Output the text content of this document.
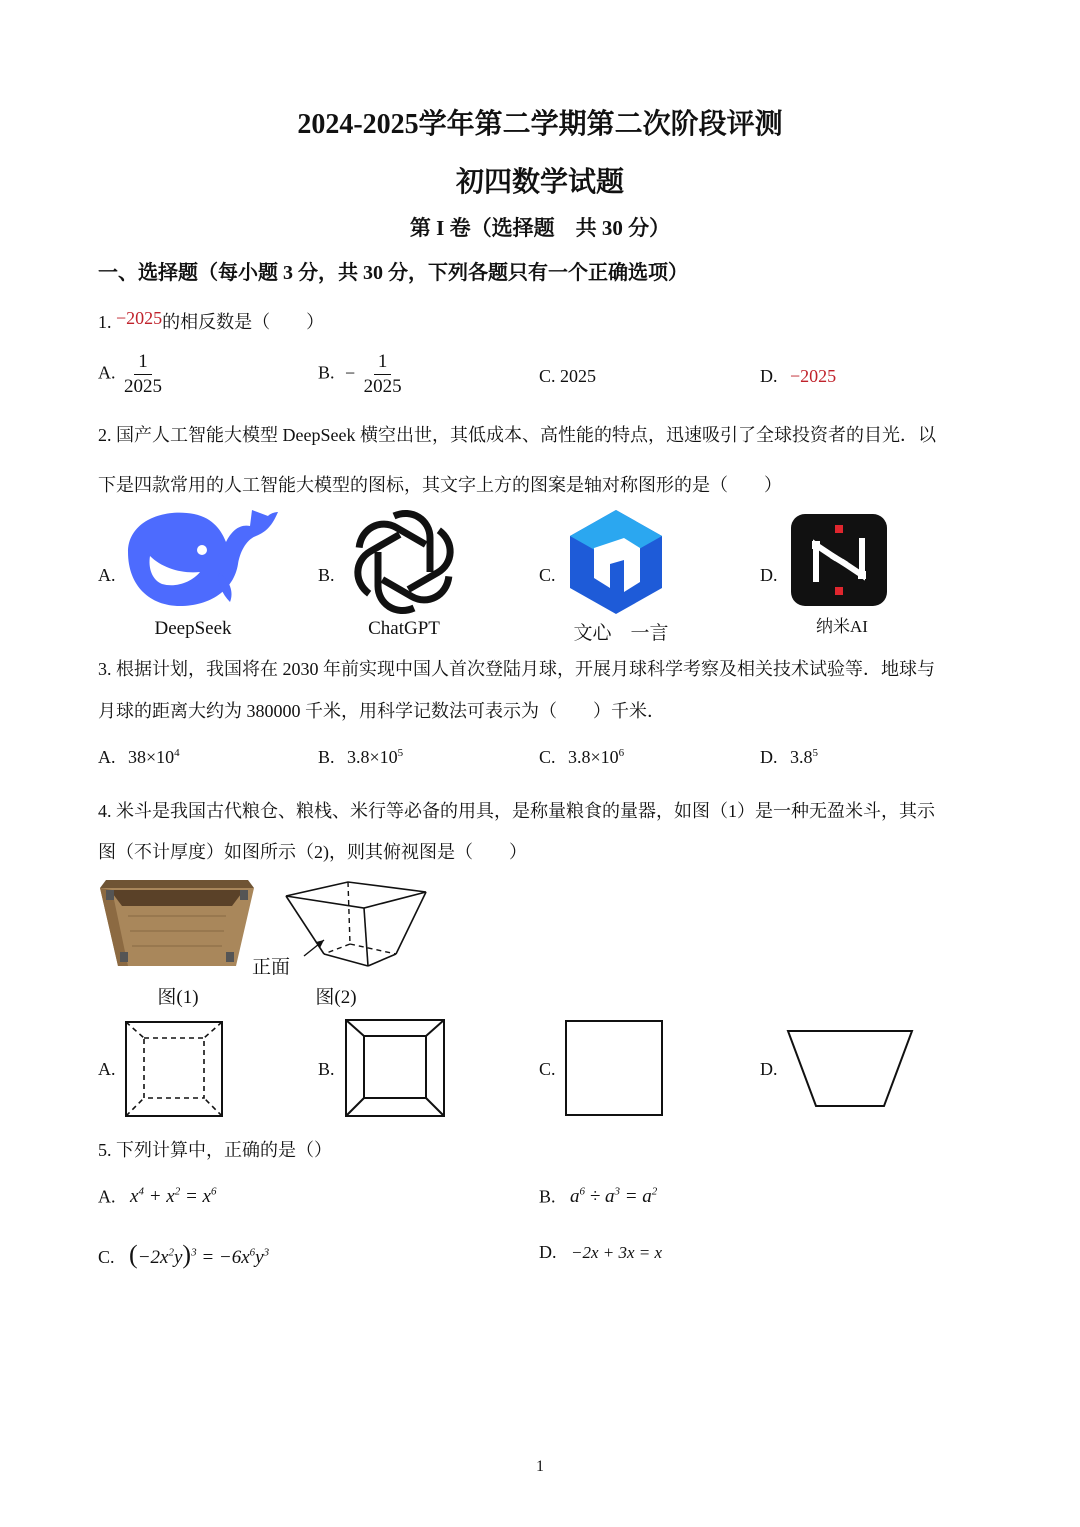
2024-2025学年第二学期第二次阶段评测
初四数学试题
第 I 卷（选择题　共 30 分）
一、选择题（每小题 3 分，共 30 分，下列各题只有一个正确选项）
1. −2025的相反数是（　　）
A. $\frac{1}{2025}$	B. − $\frac{1}{2025}$	C. 2025	D. −2025
2. 国产人工智能大模型 DeepSeek 横空出世，其低成本、高性能的特点，迅速吸引了全球投资者的目光．以
下是四款常用的人工智能大模型的图标，其文字上方的图案是轴对称图形的是（　　）
A.	B.	C.	D.
DeepSeek	ChatGPT	文心　一言	纳米AI
3. 根据计划，我国将在 2030 年前实现中国人首次登陆月球，开展月球科学考察及相关技术试验等．地球与
月球的距离大约为 380000 千米，用科学记数法可表示为（　　）千米．
A. $38\times 10^4$	B. $3.8\times 10^5$	C. $3.8\times 10^6$	D. $3.8^5$
4. 米斗是我国古代粮仓、粮栈、米行等必备的用具，是称量粮食的量器，如图（1）是一种无盈米斗，其示
图（不计厚度）如图所示（2)，则其俯视图是（　　）
图(1)
正面
图(2)
A.	B.	C.	D.
5. 下列计算中，正确的是（）
A. $x^4 + x^2 = x^6$	B. $a^6 \div a^3 = a^2$
C. $(-2x^2y)^3 = -6x^6y^3$	D. −2x + 3x = x
1
